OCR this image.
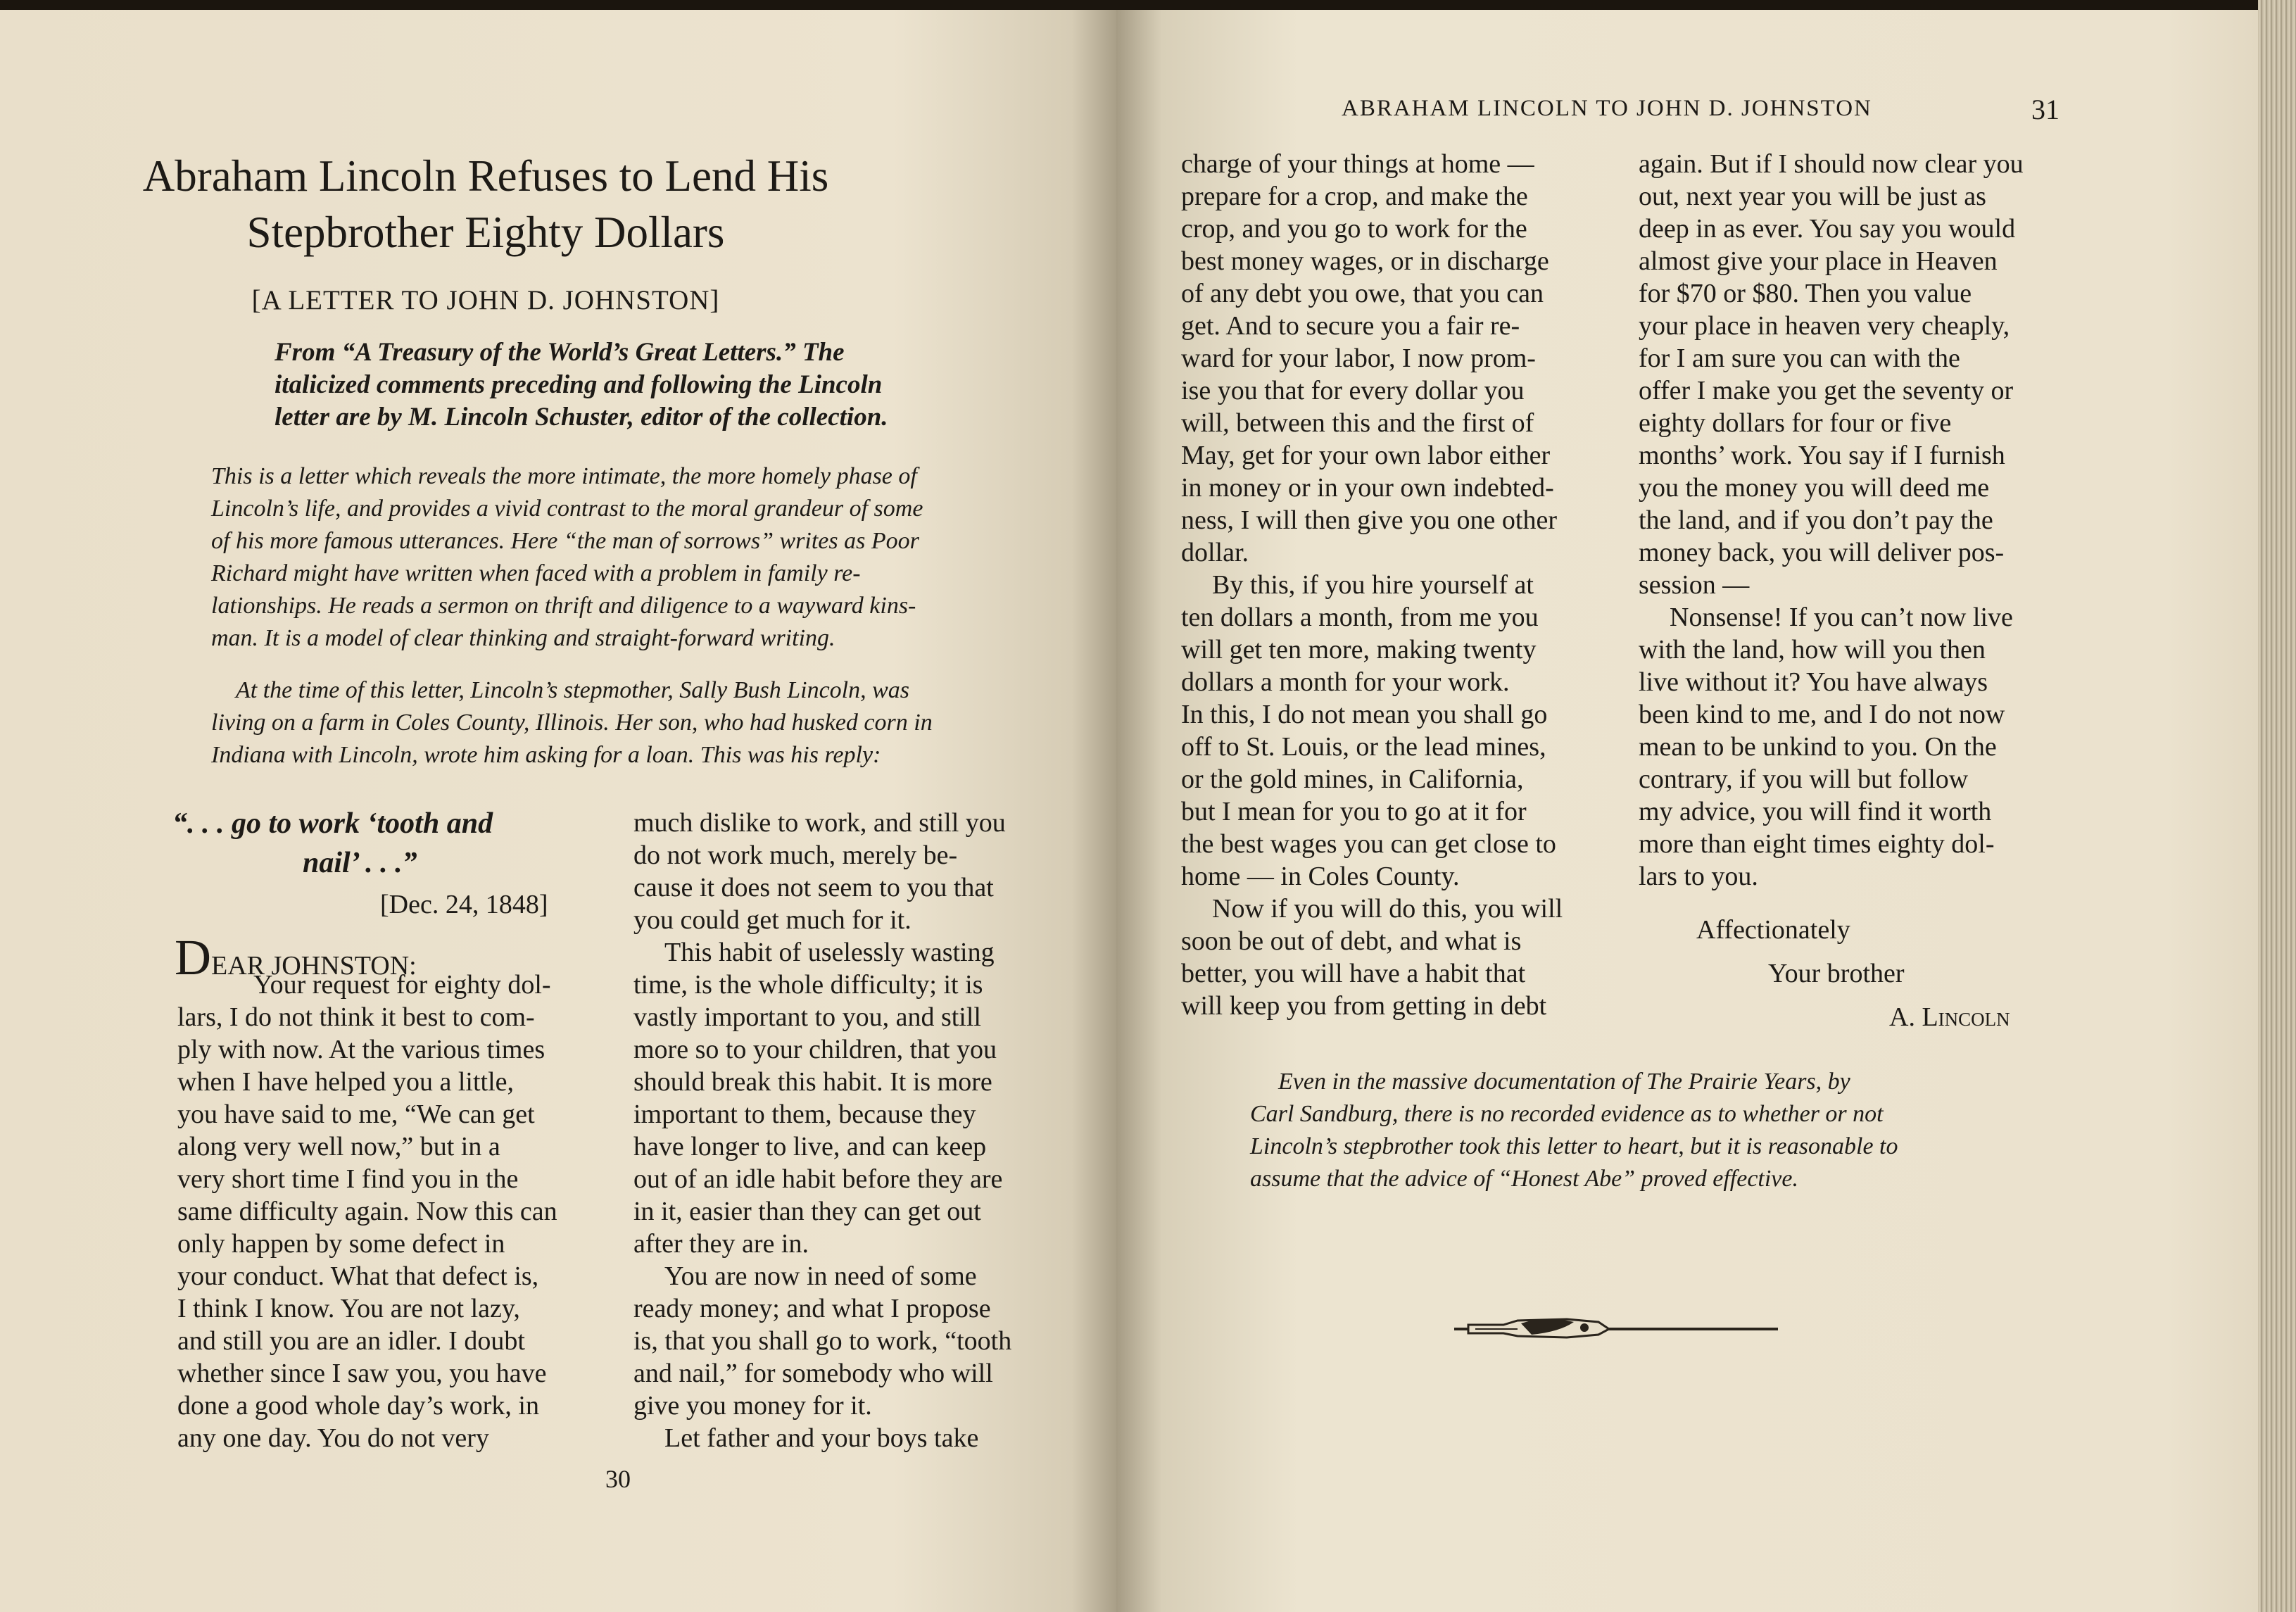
Abraham Lincoln Refuses to Lend His
Stepbrother Eighty Dollars
[A LETTER TO JOHN D. JOHNSTON]
From “A Treasury of the World’s Great Letters.” The
italicized comments preceding and following the Lincoln
letter are by M. Lincoln Schuster, editor of the collection.
This is a letter which reveals the more intimate, the more homely phase of
Lincoln’s life, and provides a vivid contrast to the moral grandeur of some
of his more famous utterances. Here “the man of sorrows” writes as Poor
Richard might have written when faced with a problem in family re-
lationships. He reads a sermon on thrift and diligence to a wayward kins-
man. It is a model of clear thinking and straight-forward writing.
At the time of this letter, Lincoln’s stepmother, Sally Bush Lincoln, was
living on a farm in Coles County, Illinois. Her son, who had husked corn in
Indiana with Lincoln, wrote him asking for a loan. This was his reply:
“. . . go to work ‘tooth and
nail’ . . .”
[Dec. 24, 1848]
DEAR JOHNSTON:
Your request for eighty dol-
lars, I do not think it best to com-
ply with now. At the various times
when I have helped you a little,
you have said to me, “We can get
along very well now,” but in a
very short time I find you in the
same difficulty again. Now this can
only happen by some defect in
your conduct. What that defect is,
I think I know. You are not lazy,
and still you are an idler. I doubt
whether since I saw you, you have
done a good whole day’s work, in
any one day. You do not very
much dislike to work, and still you
do not work much, merely be-
cause it does not seem to you that
you could get much for it.
This habit of uselessly wasting
time, is the whole difficulty; it is
vastly important to you, and still
more so to your children, that you
should break this habit. It is more
important to them, because they
have longer to live, and can keep
out of an idle habit before they are
in it, easier than they can get out
after they are in.
You are now in need of some
ready money; and what I propose
is, that you shall go to work, “tooth
and nail,” for somebody who will
give you money for it.
Let father and your boys take
30
ABRAHAM LINCOLN TO JOHN D. JOHNSTON	31
charge of your things at home —
prepare for a crop, and make the
crop, and you go to work for the
best money wages, or in discharge
of any debt you owe, that you can
get. And to secure you a fair re-
ward for your labor, I now prom-
ise you that for every dollar you
will, between this and the first of
May, get for your own labor either
in money or in your own indebted-
ness, I will then give you one other
dollar.
By this, if you hire yourself at
ten dollars a month, from me you
will get ten more, making twenty
dollars a month for your work.
In this, I do not mean you shall go
off to St. Louis, or the lead mines,
or the gold mines, in California,
but I mean for you to go at it for
the best wages you can get close to
home — in Coles County.
Now if you will do this, you will
soon be out of debt, and what is
better, you will have a habit that
will keep you from getting in debt
again. But if I should now clear you
out, next year you will be just as
deep in as ever. You say you would
almost give your place in Heaven
for $70 or $80. Then you value
your place in heaven very cheaply,
for I am sure you can with the
offer I make you get the seventy or
eighty dollars for four or five
months’ work. You say if I furnish
you the money you will deed me
the land, and if you don’t pay the
money back, you will deliver pos-
session —
Nonsense! If you can’t now live
with the land, how will you then
live without it? You have always
been kind to me, and I do not now
mean to be unkind to you. On the
contrary, if you will but follow
my advice, you will find it worth
more than eight times eighty dol-
lars to you.
Affectionately
Your brother
A. Lincoln
Even in the massive documentation of The Prairie Years, by
Carl Sandburg, there is no recorded evidence as to whether or not
Lincoln’s stepbrother took this letter to heart, but it is reasonable to
assume that the advice of “Honest Abe” proved effective.
